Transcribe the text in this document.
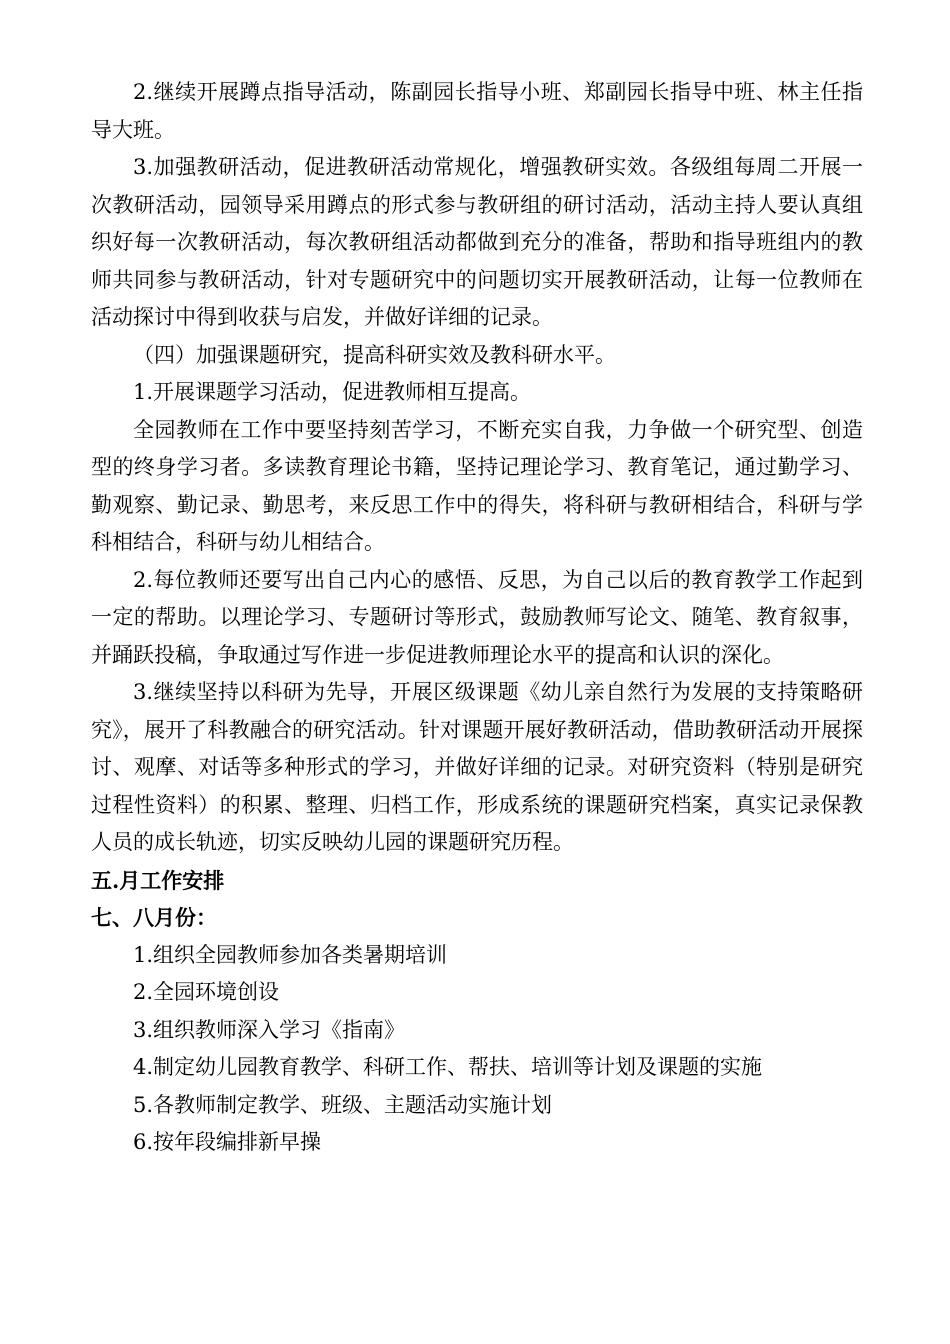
2.继续开展蹲点指导活动，陈副园长指导小班、郑副园长指导中班、林主任指导大班。

3.加强教研活动，促进教研活动常规化，增强教研实效。各级组每周二开展一次教研活动，园领导采用蹲点的形式参与教研组的研讨活动，活动主持人要认真组织好每一次教研活动，每次教研组活动都做到充分的准备，帮助和指导班组内的教师共同参与教研活动，针对专题研究中的问题切实开展教研活动，让每一位教师在活动探讨中得到收获与启发，并做好详细的记录。

（四）加强课题研究，提高科研实效及教科研水平。

1.开展课题学习活动，促进教师相互提高。

全园教师在工作中要坚持刻苦学习，不断充实自我，力争做一个研究型、创造型的终身学习者。多读教育理论书籍，坚持记理论学习、教育笔记，通过勤学习、勤观察、勤记录、勤思考，来反思工作中的得失，将科研与教研相结合，科研与学科相结合，科研与幼儿相结合。

2.每位教师还要写出自己内心的感悟、反思，为自己以后的教育教学工作起到一定的帮助。以理论学习、专题研讨等形式，鼓励教师写论文、随笔、教育叙事，并踊跃投稿，争取通过写作进一步促进教师理论水平的提高和认识的深化。

3.继续坚持以科研为先导，开展区级课题《幼儿亲自然行为发展的支持策略研究》，展开了科教融合的研究活动。针对课题开展好教研活动，借助教研活动开展探讨、观摩、对话等多种形式的学习，并做好详细的记录。对研究资料（特别是研究过程性资料）的积累、整理、归档工作，形成系统的课题研究档案，真实记录保教人员的成长轨迹，切实反映幼儿园的课题研究历程。

五.月工作安排

七、八月份：

1.组织全园教师参加各类暑期培训

2.全园环境创设

3.组织教师深入学习《指南》

4.制定幼儿园教育教学、科研工作、帮扶、培训等计划及课题的实施

5.各教师制定教学、班级、主题活动实施计划

6.按年段编排新早操
